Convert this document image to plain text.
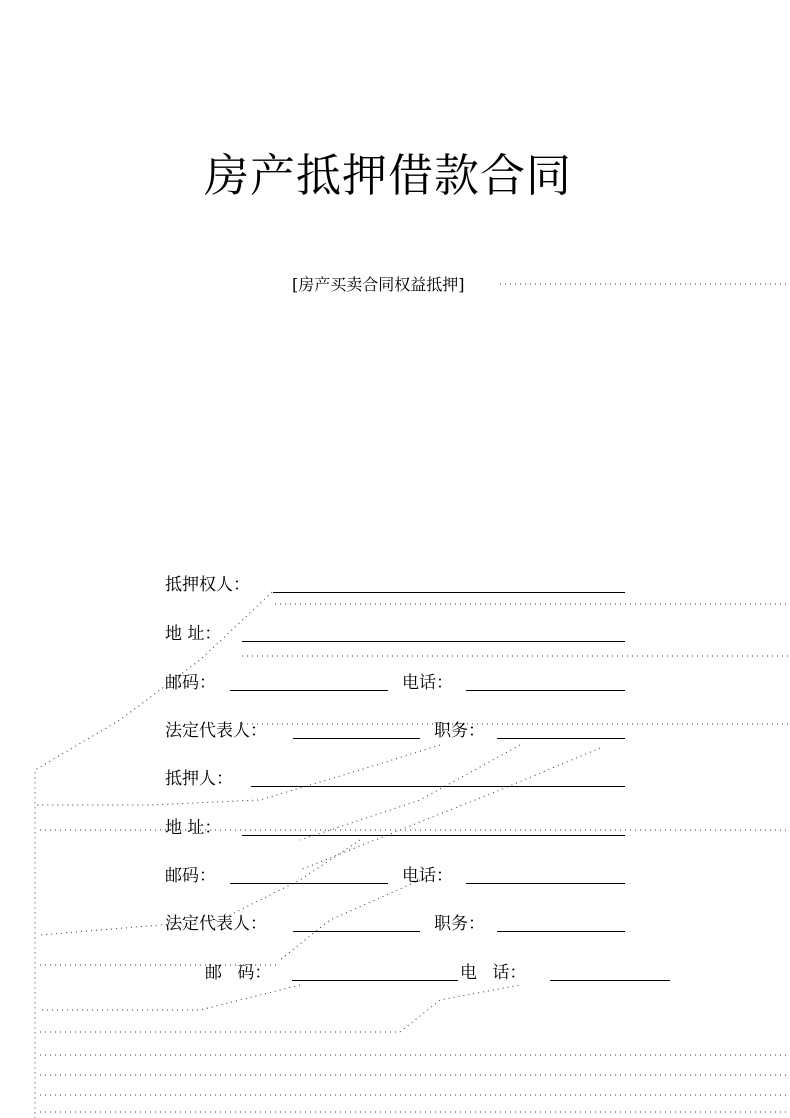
房产抵押借款合同
[房产买卖合同权益抵押]
抵押权人：
地 址：
邮码：	电话：
法定代表人：	职务：
抵押人：
地 址：
邮码：	电话：
法定代表人：	职务：
邮 码：	电 话：
